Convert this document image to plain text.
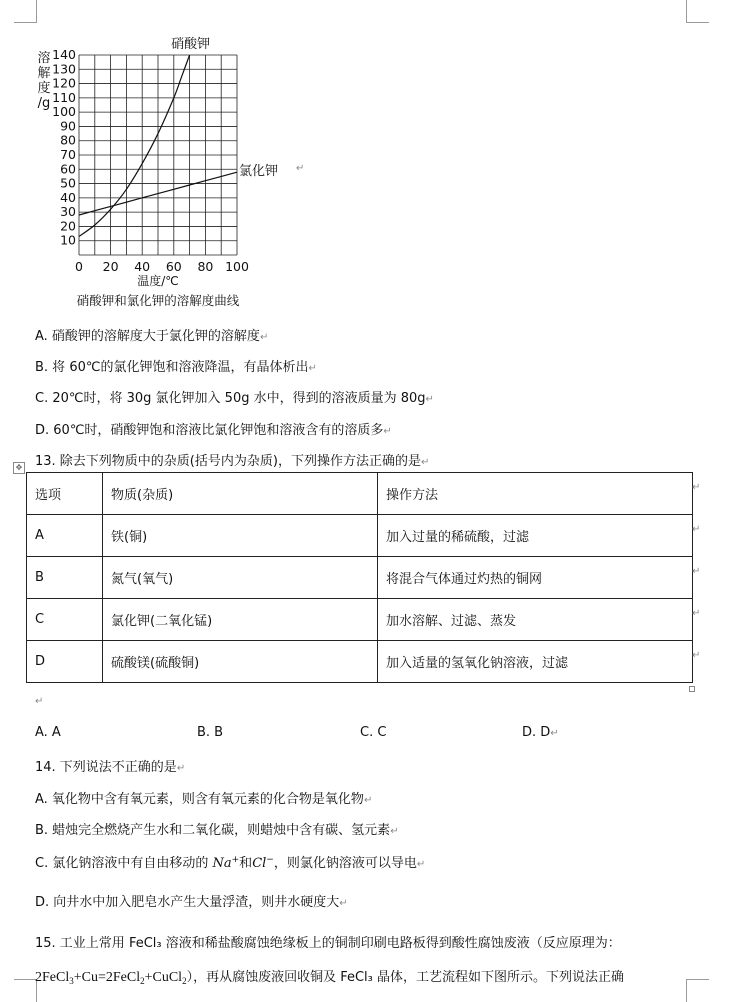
10
20
30
40
50
60
70
80
90
100
110
120
130
140
0 20 40 60 80 100
溶
解
度
/g
温度/℃
硝酸钾和氯化钾的溶解度曲线
硝酸钾
氯化钾 ↵
A. 硝酸钾的溶解度大于氯化钾的溶解度↵
B. 将 60℃的氯化钾饱和溶液降温，有晶体析出↵
C. 20℃时，将 30g 氯化钾加入 50g 水中，得到的溶液质量为 80g↵
D. 60℃时，硝酸钾饱和溶液比氯化钾饱和溶液含有的溶质多↵
13. 除去下列物质中的杂质(括号内为杂质)，下列操作方法正确的是↵
✥
选项	物质(杂质)	操作方法
A	铁(铜)	加入过量的稀硫酸，过滤
B	氮气(氧气)	将混合气体通过灼热的铜网
C	氯化钾(二氧化锰)	加水溶解、过滤、蒸发
D	硫酸镁(硫酸铜)	加入适量的氢氧化钠溶液，过滤
↵
↵
↵
↵
↵
↵
A. A	B. B	C. C	D. D↵
14. 下列说法不正确的是↵
A. 氧化物中含有氧元素，则含有氧元素的化合物是氧化物↵
B. 蜡烛完全燃烧产生水和二氧化碳，则蜡烛中含有碳、氢元素↵
C. 氯化钠溶液中有自由移动的 Na+和Cl−，则氯化钠溶液可以导电↵
D. 向井水中加入肥皂水产生大量浮渣，则井水硬度大↵
15. 工业上常用 FeCl₃ 溶液和稀盐酸腐蚀绝缘板上的铜制印刷电路板得到酸性腐蚀废液（反应原理为：
2FeCl$_3$+Cu=2FeCl$_2$+CuCl$_2$），再从腐蚀废液回收铜及 FeCl₃ 晶体，工艺流程如下图所示。下列说法正确
